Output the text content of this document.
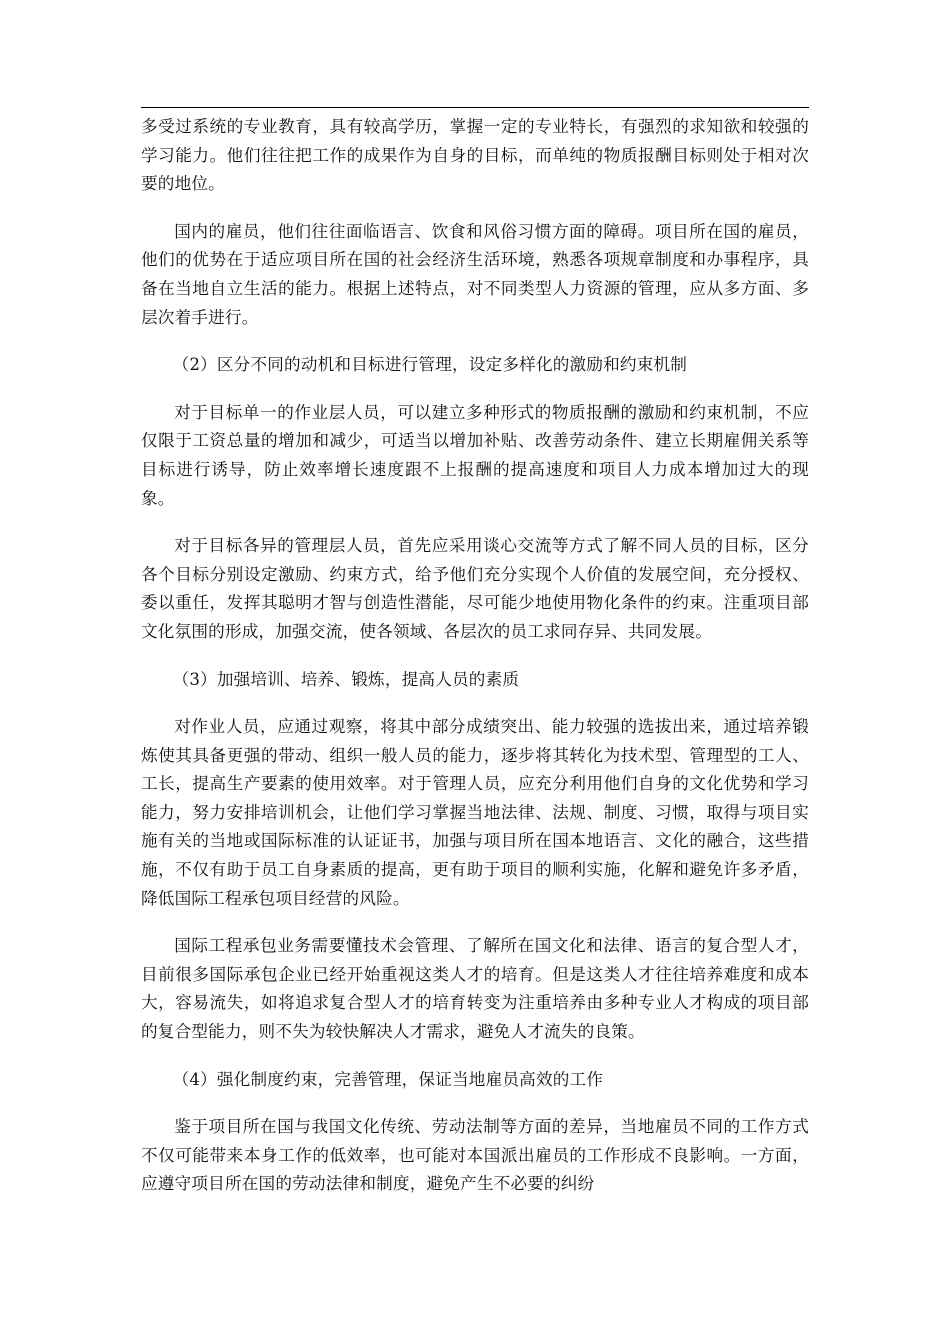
多受过系统的专业教育，具有较高学历，掌握一定的专业特长，有强烈的求知欲和较强的学习能力。他们往往把工作的成果作为自身的目标，而单纯的物质报酬目标则处于相对次要的地位。

国内的雇员，他们往往面临语言、饮食和风俗习惯方面的障碍。项目所在国的雇员，他们的优势在于适应项目所在国的社会经济生活环境，熟悉各项规章制度和办事程序，具备在当地自立生活的能力。根据上述特点，对不同类型人力资源的管理，应从多方面、多层次着手进行。

（2）区分不同的动机和目标进行管理，设定多样化的激励和约束机制

对于目标单一的作业层人员，可以建立多种形式的物质报酬的激励和约束机制，不应仅限于工资总量的增加和减少，可适当以增加补贴、改善劳动条件、建立长期雇佣关系等目标进行诱导，防止效率增长速度跟不上报酬的提高速度和项目人力成本增加过大的现象。

对于目标各异的管理层人员，首先应采用谈心交流等方式了解不同人员的目标，区分各个目标分别设定激励、约束方式，给予他们充分实现个人价值的发展空间，充分授权、委以重任，发挥其聪明才智与创造性潜能，尽可能少地使用物化条件的约束。注重项目部文化氛围的形成，加强交流，使各领域、各层次的员工求同存异、共同发展。

（3）加强培训、培养、锻炼，提高人员的素质

对作业人员，应通过观察，将其中部分成绩突出、能力较强的选拔出来，通过培养锻炼使其具备更强的带动、组织一般人员的能力，逐步将其转化为技术型、管理型的工人、工长，提高生产要素的使用效率。对于管理人员，应充分利用他们自身的文化优势和学习能力，努力安排培训机会，让他们学习掌握当地法律、法规、制度、习惯，取得与项目实施有关的当地或国际标准的认证证书，加强与项目所在国本地语言、文化的融合，这些措施，不仅有助于员工自身素质的提高，更有助于项目的顺利实施，化解和避免许多矛盾，降低国际工程承包项目经营的风险。

国际工程承包业务需要懂技术会管理、了解所在国文化和法律、语言的复合型人才，目前很多国际承包企业已经开始重视这类人才的培育。但是这类人才往往培养难度和成本大，容易流失，如将追求复合型人才的培育转变为注重培养由多种专业人才构成的项目部的复合型能力，则不失为较快解决人才需求，避免人才流失的良策。

（4）强化制度约束，完善管理，保证当地雇员高效的工作

鉴于项目所在国与我国文化传统、劳动法制等方面的差异，当地雇员不同的工作方式不仅可能带来本身工作的低效率，也可能对本国派出雇员的工作形成不良影响。一方面，应遵守项目所在国的劳动法律和制度，避免产生不必要的纠纷
